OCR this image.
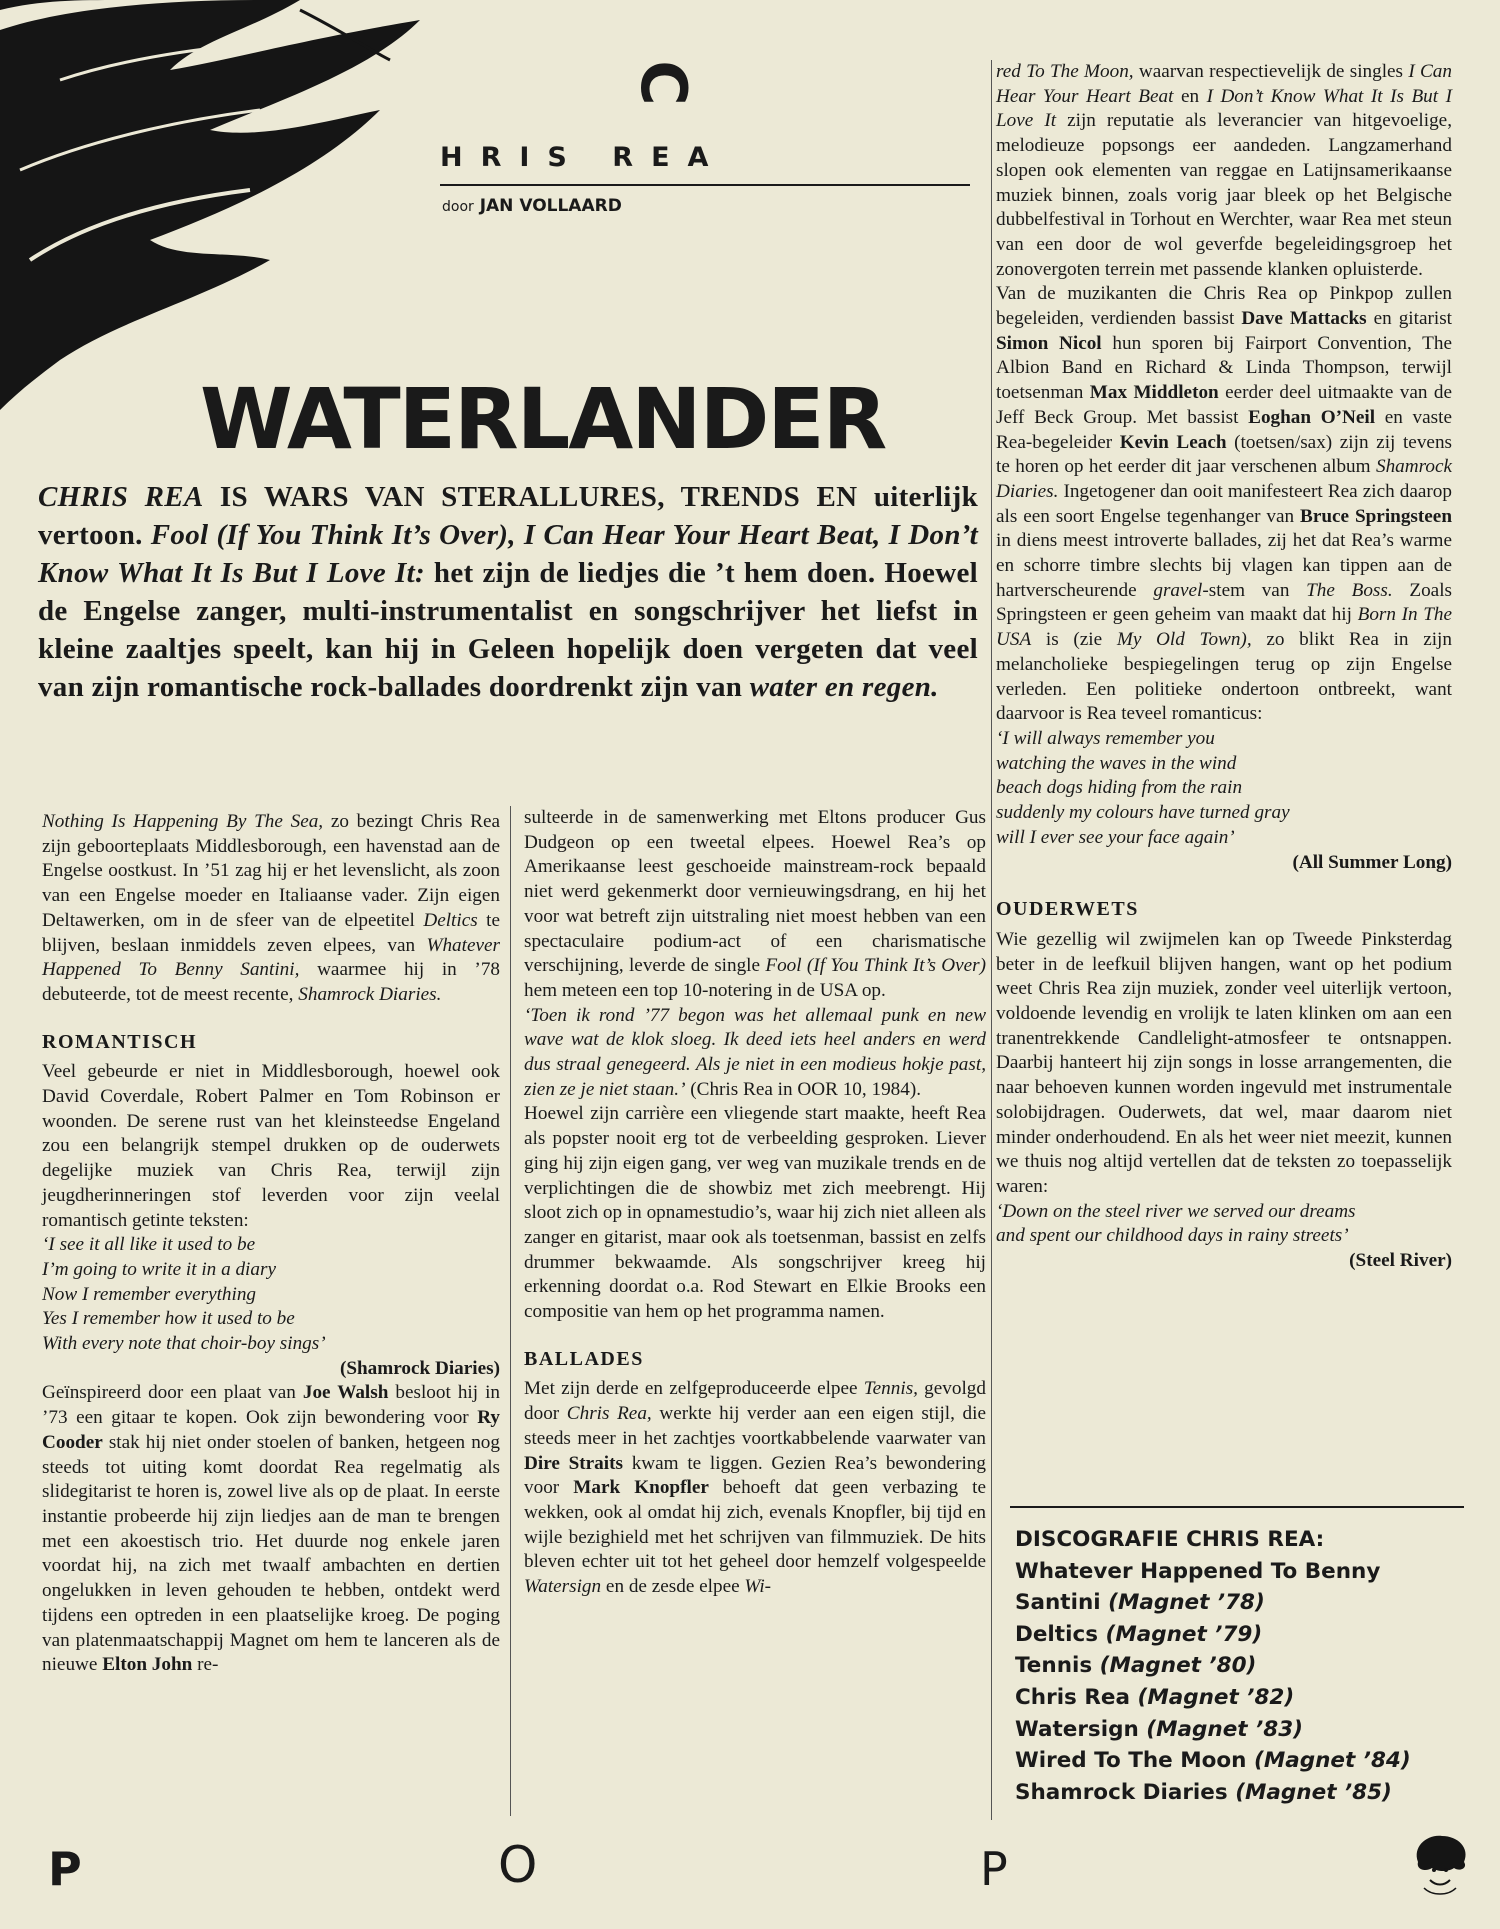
C
HRIS REA
door JAN VOLLAARD
WATERLANDER
CHRIS REA IS WARS VAN STERALLURES, TRENDS EN uiterlijk vertoon. Fool (If You Think It’s Over), I Can Hear Your Heart Beat, I Don’t Know What It Is But I Love It: het zijn de liedjes die ’t hem doen. Hoewel de Engelse zanger, multi-instrumentalist en songschrijver het liefst in kleine zaaltjes speelt, kan hij in Geleen hopelijk doen vergeten dat veel van zijn romantische rock-ballades doordrenkt zijn van water en regen.

Nothing Is Happening By The Sea, zo bezingt Chris Rea zijn geboorteplaats Middlesborough, een havenstad aan de Engelse oostkust. In ’51 zag hij er het levenslicht, als zoon van een Engelse moeder en Italiaanse vader. Zijn eigen Deltawerken, om in de sfeer van de elpeetitel Deltics te blijven, beslaan inmiddels zeven elpees, van Whatever Happened To Benny Santini, waarmee hij in ’78 debuteerde, tot de meest recente, Shamrock Diaries.

ROMANTISCH

Veel gebeurde er niet in Middlesborough, hoewel ook David Coverdale, Robert Palmer en Tom Robinson er woonden. De serene rust van het kleinsteedse Engeland zou een belangrijk stempel drukken op de ouderwets degelijke muziek van Chris Rea, terwijl zijn jeugdherinneringen stof leverden voor zijn veelal romantisch getinte teksten:

‘I see it all like it used to be
I’m going to write it in a diary
Now I remember everything
Yes I remember how it used to be
With every note that choir-boy sings’
(Shamrock Diaries)

Geïnspireerd door een plaat van Joe Walsh besloot hij in ’73 een gitaar te kopen. Ook zijn bewondering voor Ry Cooder stak hij niet onder stoelen of banken, hetgeen nog steeds tot uiting komt doordat Rea regelmatig als slidegitarist te horen is, zowel live als op de plaat. In eerste instantie probeerde hij zijn liedjes aan de man te brengen met een akoestisch trio. Het duurde nog enkele jaren voordat hij, na zich met twaalf ambachten en dertien ongelukken in leven gehouden te hebben, ontdekt werd tijdens een optreden in een plaatselijke kroeg. De poging van platenmaatschappij Magnet om hem te lanceren als de nieuwe Elton John re-

sulteerde in de samenwerking met Eltons producer Gus Dudgeon op een tweetal elpees. Hoewel Rea’s op Amerikaanse leest geschoeide mainstream-rock bepaald niet werd gekenmerkt door vernieuwingsdrang, en hij het voor wat betreft zijn uitstraling niet moest hebben van een spectaculaire podium-act of een charismatische verschijning, leverde de single Fool (If You Think It’s Over) hem meteen een top 10-notering in de USA op.

‘Toen ik rond ’77 begon was het allemaal punk en new wave wat de klok sloeg. Ik deed iets heel anders en werd dus straal genegeerd. Als je niet in een modieus hokje past, zien ze je niet staan.’ (Chris Rea in OOR 10, 1984).

Hoewel zijn carrière een vliegende start maakte, heeft Rea als popster nooit erg tot de verbeelding gesproken. Liever ging hij zijn eigen gang, ver weg van muzikale trends en de verplichtingen die de showbiz met zich meebrengt. Hij sloot zich op in opnamestudio’s, waar hij zich niet alleen als zanger en gitarist, maar ook als toetsenman, bassist en zelfs drummer bekwaamde. Als songschrijver kreeg hij erkenning doordat o.a. Rod Stewart en Elkie Brooks een compositie van hem op het programma namen.

BALLADES

Met zijn derde en zelfgeproduceerde elpee Tennis, gevolgd door Chris Rea, werkte hij verder aan een eigen stijl, die steeds meer in het zachtjes voortkabbelende vaarwater van Dire Straits kwam te liggen. Gezien Rea’s bewondering voor Mark Knopfler behoeft dat geen verbazing te wekken, ook al omdat hij zich, evenals Knopfler, bij tijd en wijle bezighield met het schrijven van filmmuziek. De hits bleven echter uit tot het geheel door hemzelf volgespeelde Watersign en de zesde elpee Wi-

red To The Moon, waarvan respectievelijk de singles I Can Hear Your Heart Beat en I Don’t Know What It Is But I Love It zijn reputatie als leverancier van hitgevoelige, melodieuze popsongs eer aandeden. Langzamerhand slopen ook elementen van reggae en Latijnsamerikaanse muziek binnen, zoals vorig jaar bleek op het Belgische dubbelfestival in Torhout en Werchter, waar Rea met steun van een door de wol geverfde begeleidingsgroep het zonovergoten terrein met passende klanken opluisterde.

Van de muzikanten die Chris Rea op Pinkpop zullen begeleiden, verdienden bassist Dave Mattacks en gitarist Simon Nicol hun sporen bij Fairport Convention, The Albion Band en Richard & Linda Thompson, terwijl toetsenman Max Middleton eerder deel uitmaakte van de Jeff Beck Group. Met bassist Eoghan O’Neil en vaste Rea-begeleider Kevin Leach (toetsen/sax) zijn zij tevens te horen op het eerder dit jaar verschenen album Shamrock Diaries. Ingetogener dan ooit manifesteert Rea zich daarop als een soort Engelse tegenhanger van Bruce Springsteen in diens meest introverte ballades, zij het dat Rea’s warme en schorre timbre slechts bij vlagen kan tippen aan de hartverscheurende gravel-stem van The Boss. Zoals Springsteen er geen geheim van maakt dat hij Born In The USA is (zie My Old Town), zo blikt Rea in zijn melancholieke bespiegelingen terug op zijn Engelse verleden. Een politieke ondertoon ontbreekt, want daarvoor is Rea teveel romanticus:

‘I will always remember you
watching the waves in the wind
beach dogs hiding from the rain
suddenly my colours have turned gray
will I ever see your face again’
(All Summer Long)
OUDERWETS

Wie gezellig wil zwijmelen kan op Tweede Pinksterdag beter in de leefkuil blijven hangen, want op het podium weet Chris Rea zijn muziek, zonder veel uiterlijk vertoon, voldoende levendig en vrolijk te laten klinken om aan een tranentrekkende Candlelight-atmosfeer te ontsnappen. Daarbij hanteert hij zijn songs in losse arrangementen, die naar behoeven kunnen worden ingevuld met instrumentale solobijdragen. Ouderwets, dat wel, maar daarom niet minder onderhoudend. En als het weer niet meezit, kunnen we thuis nog altijd vertellen dat de teksten zo toepasselijk waren:

‘Down on the steel river we served our dreams
and spent our childhood days in rainy streets’
(Steel River)
DISCOGRAFIE CHRIS REA:
Whatever Happened To Benny Santini (Magnet ’78)
Deltics (Magnet ’79)
Tennis (Magnet ’80)
Chris Rea (Magnet ’82)
Watersign (Magnet ’83)
Wired To The Moon (Magnet ’84)
Shamrock Diaries (Magnet ’85)
P	O	P
